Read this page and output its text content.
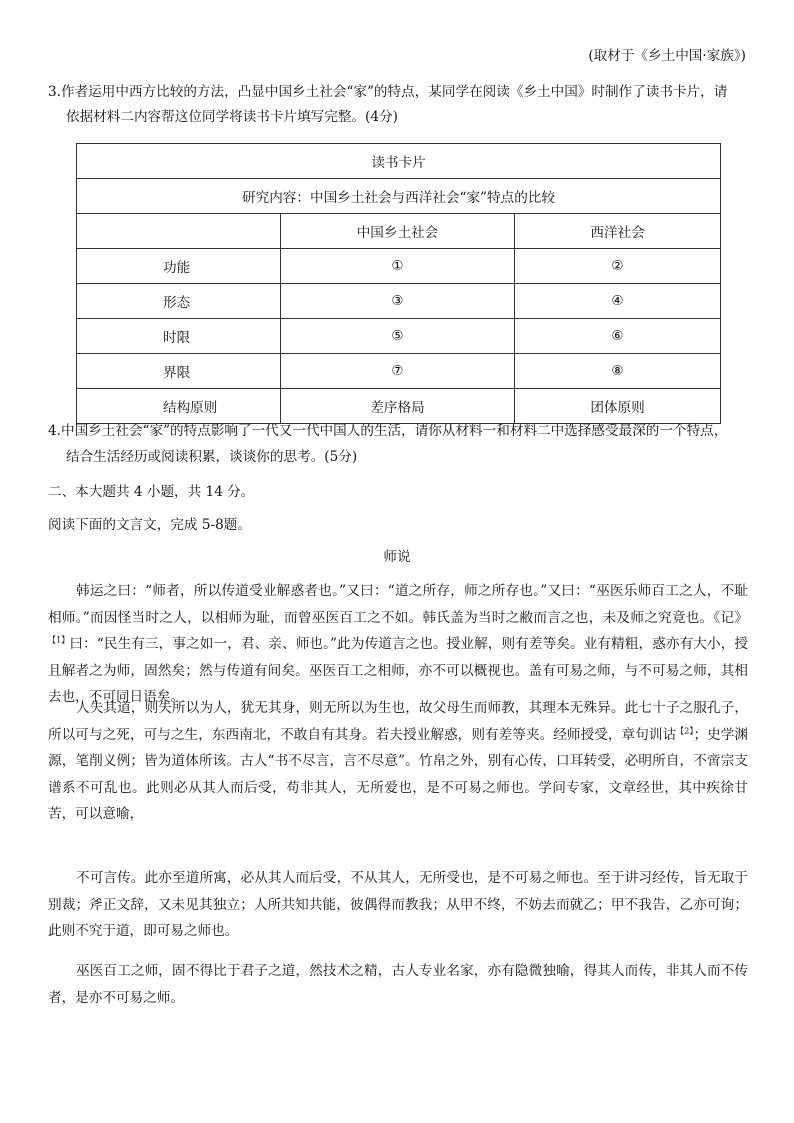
(取材于《乡土中国·家族》)
3.作者运用中西方比较的方法，凸显中国乡土社会“家”的特点，某同学在阅读《乡土中国》时制作了读书卡片，请
依据材料二内容帮这位同学将读书卡片填写完整。(4分)
读书卡片		
研究内容：中国乡土社会与西洋社会“家”特点的比较		
	中国乡土社会	西洋社会
功能	①	②
形态	③	④
时限	⑤	⑥
界限	⑦	⑧
结构原则	差序格局	团体原则
4.中国乡土社会“家”的特点影响了一代又一代中国人的生活，请你从材料一和材料二中选择感受最深的一个特点，
结合生活经历或阅读积累，谈谈你的思考。(5分)
二、本大题共 4 小题，共 14 分。
阅读下面的文言文，完成 5-8题。
师说
韩运之曰：“师者，所以传道受业解惑者也。”又曰：“道之所存，师之所存也。”又曰：“巫医乐师百工之人，不耻相师。”而因怪当时之人，以相师为耻，而曾巫医百工之不如。韩氏盖为当时之敝而言之也，未及师之究竟也。《记》$^{【1】}$曰：“民生有三，事之如一，君、亲、师也。”此为传道言之也。授业解，则有差等矣。业有精粗，惑亦有大小，授且解者之为师，固然矣；然与传道有间矣。巫医百工之相师，亦不可以概视也。盖有可易之师，与不可易之师，其相去也，不可同日语矣。
人失其道，则失所以为人，犹无其身，则无所以为生也，故父母生而师教，其理本无殊异。此七十子之服孔子，所以可与之死，可与之生，东西南北，不敢自有其身。若夫授业解惑，则有差等夹。经师授受，章句训诂$^{【2】}$；史学渊源，笔削义例；皆为道体所该。古人“书不尽言，言不尽意”。竹帛之外，别有心传，口耳转受，必明所自，不啻宗支谱系不可乱也。此则必从其人而后受，苟非其人，无所爱也，是不可易之师也。学问专家，文章经世，其中疾徐甘苦，可以意喻，
不可言传。此亦至道所寓，必从其人而后受，不从其人，无所受也，是不可易之师也。至于讲习经传，旨无取于别裁；斧正文辞，又未见其独立；人所共知共能，彼偶得而教我；从甲不终，不妨去而就乙；甲不我告，乙亦可询；此则不究于道，即可易之师也。
巫医百工之师，固不得比于君子之道，然技术之精，古人专业名家，亦有隐微独喻，得其人而传，非其人而不传者，是亦不可易之师。
